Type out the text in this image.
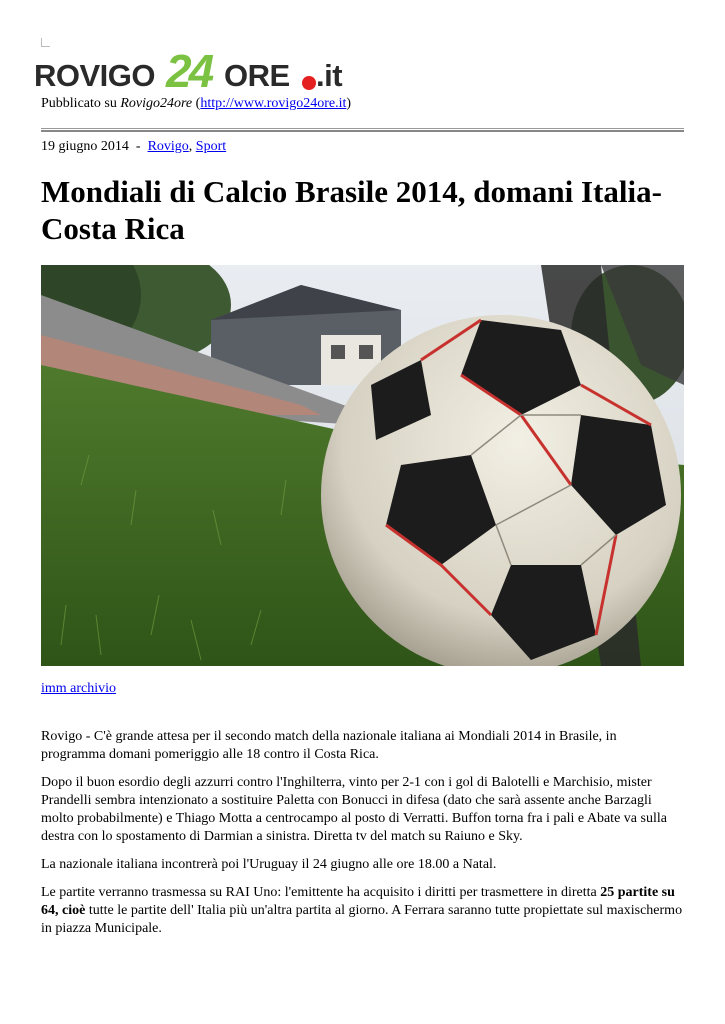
ROVIGO 24 ORE .it
Pubblicato su Rovigo24ore (http://www.rovigo24ore.it)
19 giugno 2014 - Rovigo, Sport
Mondiali di Calcio Brasile 2014, domani Italia-Costa Rica
imm archivio

Rovigo - C'è grande attesa per il secondo match della nazionale italiana ai Mondiali 2014 in Brasile, in programma domani pomeriggio alle 18 contro il Costa Rica.

Dopo il buon esordio degli azzurri contro l'Inghilterra, vinto per 2-1 con i gol di Balotelli e Marchisio, mister Prandelli sembra intenzionato a sostituire Paletta con Bonucci in difesa (dato che sarà assente anche Barzagli molto probabilmente) e Thiago Motta a centrocampo al posto di Verratti. Buffon torna fra i pali e Abate va sulla destra con lo spostamento di Darmian a sinistra. Diretta tv del match su Raiuno e Sky.

La nazionale italiana incontrerà poi l'Uruguay il 24 giugno alle ore 18.00 a Natal.

Le partite verranno trasmessa su RAI Uno: l'emittente ha acquisito i diritti per trasmettere in diretta 25 partite su 64, cioè tutte le partite dell' Italia più un'altra partita al giorno. A Ferrara saranno tutte propiettate sul maxischermo in piazza Municipale.
